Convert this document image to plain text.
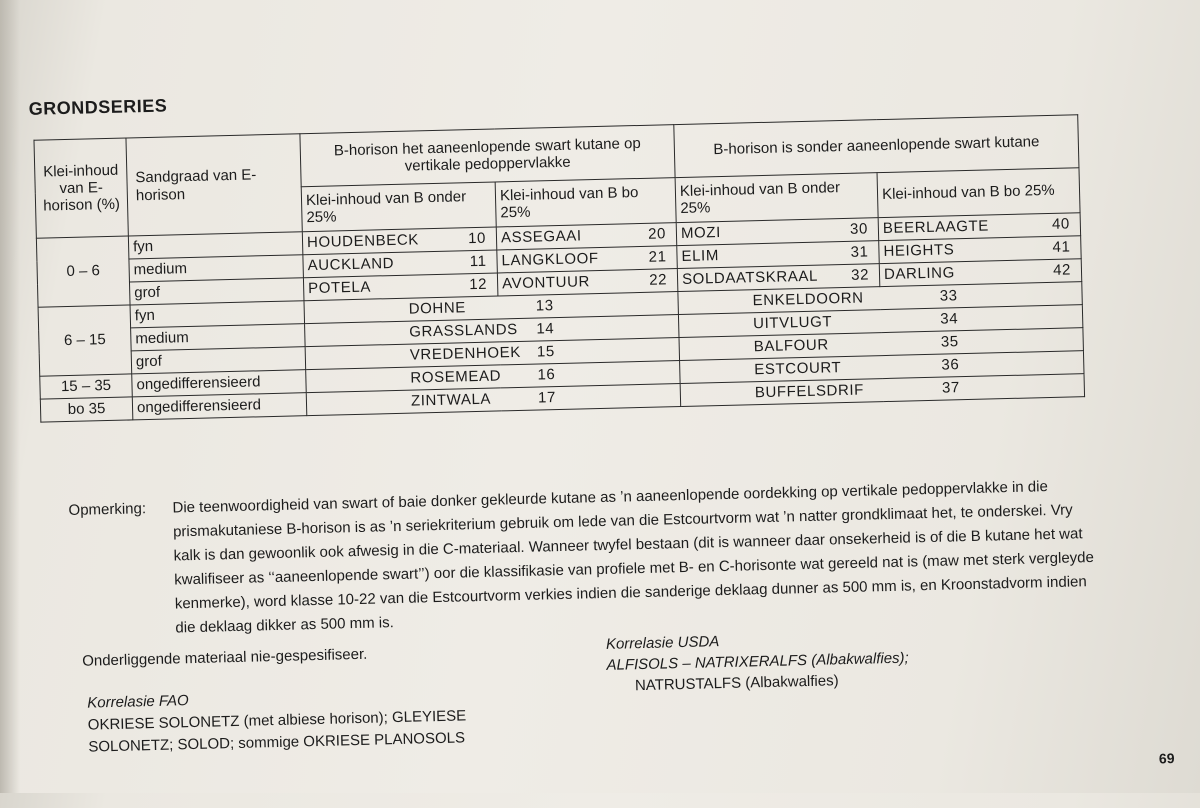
GRONDSERIES
Klei-inhoud van E-horison (%)	Sandgraad van E-horison	B-horison het aaneenlopende swart kutane op vertikale pedoppervlakke		B-horison is sonder aaneenlopende swart kutane	
		Klei-inhoud van B onder 25%	Klei-inhoud van B bo 25%	Klei-inhoud van B onder 25%	Klei-inhoud van B bo 25%
0 – 6	fyn	HOUDENBECK 10	ASSEGAAI 20	MOZI 30	BEERLAAGTE 40

	medium	AUCKLAND 11	LANGKLOOF 21	ELIM 31	HEIGHTS 41

	grof	POTELA 12	AVONTUUR 22	SOLDAATSKRAAL 32	DARLING 42

6 – 15	fyn	DOHNE 13		ENKELDOORN 33	

	medium	GRASSLANDS 14		UITVLUGT 34	

	grof	VREDENHOEK 15		BALFOUR 35	

15 – 35	ongedifferensieerd	ROSEMEAD 16		ESTCOURT 36	

bo 35	ongedifferensieerd	ZINTWALA 17		BUFFELSDRIF 37	
Opmerking: Die teenwoordigheid van swart of baie donker gekleurde kutane as ’n aaneenlopende oordekking op vertikale pedoppervlakke in die prismakutaniese B-horison is as ’n seriekriterium gebruik om lede van die Estcourtvorm wat ’n natter grondklimaat het, te onderskei. Vry kalk is dan gewoonlik ook afwesig in die C-materiaal. Wanneer twyfel bestaan (dit is wanneer daar onsekerheid is of die B kutane het wat kwalifiseer as ‘‘aaneenlopende swart’’) oor die klassifikasie van profiele met B- en C-horisonte wat gereeld nat is (maw met sterk vergleyde kenmerke), word klasse 10-22 van die Estcourtvorm verkies indien die sanderige deklaag dunner as 500 mm is, en Kroonstadvorm indien die deklaag dikker as 500 mm is.
Onderliggende materiaal nie-gespesifiseer.
Korrelasie FAO
OKRIESE SOLONETZ (met albiese horison); GLEYIESE
SOLONETZ; SOLOD; sommige OKRIESE PLANOSOLS
Korrelasie USDA
ALFISOLS – NATRIXERALFS (Albakwalfies);
NATRUSTALFS (Albakwalfies)
69
